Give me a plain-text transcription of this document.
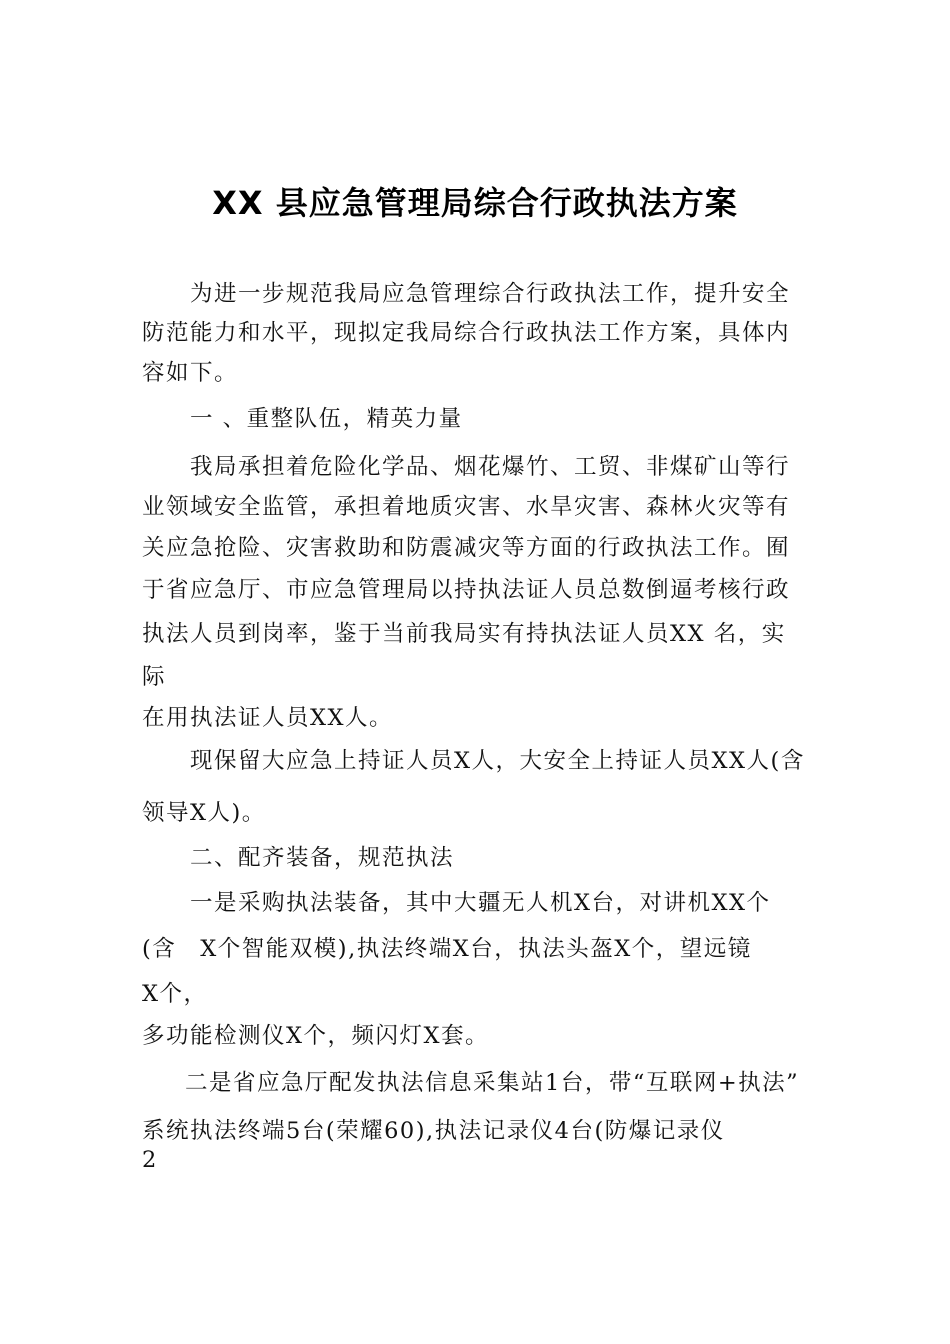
XX 县应急管理局综合行政执法方案
为进一步规范我局应急管理综合行政执法工作，提升安全
防范能力和水平，现拟定我局综合行政执法工作方案，具体内
容如下。
一 、重整队伍，精英力量
我局承担着危险化学品、烟花爆竹、工贸、非煤矿山等行
业领域安全监管，承担着地质灾害、水旱灾害、森林火灾等有
关应急抢险、灾害救助和防震减灾等方面的行政执法工作。囿
于省应急厅、市应急管理局以持执法证人员总数倒逼考核行政
执法人员到岗率，鉴于当前我局实有持执法证人员XX 名，实
际
在用执法证人员XX人。
现保留大应急上持证人员X人，大安全上持证人员XX人(含
领导X人)。
二、配齐装备，规范执法
一是采购执法装备，其中大疆无人机X台，对讲机XX个
(含　X个智能双模),执法终端X台，执法头盔X个，望远镜
X个，
多功能检测仪X个，频闪灯X套。
二是省应急厅配发执法信息采集站1台，带“互联网+执法”
系统执法终端5台(荣耀60),执法记录仪4台(防爆记录仪
2
